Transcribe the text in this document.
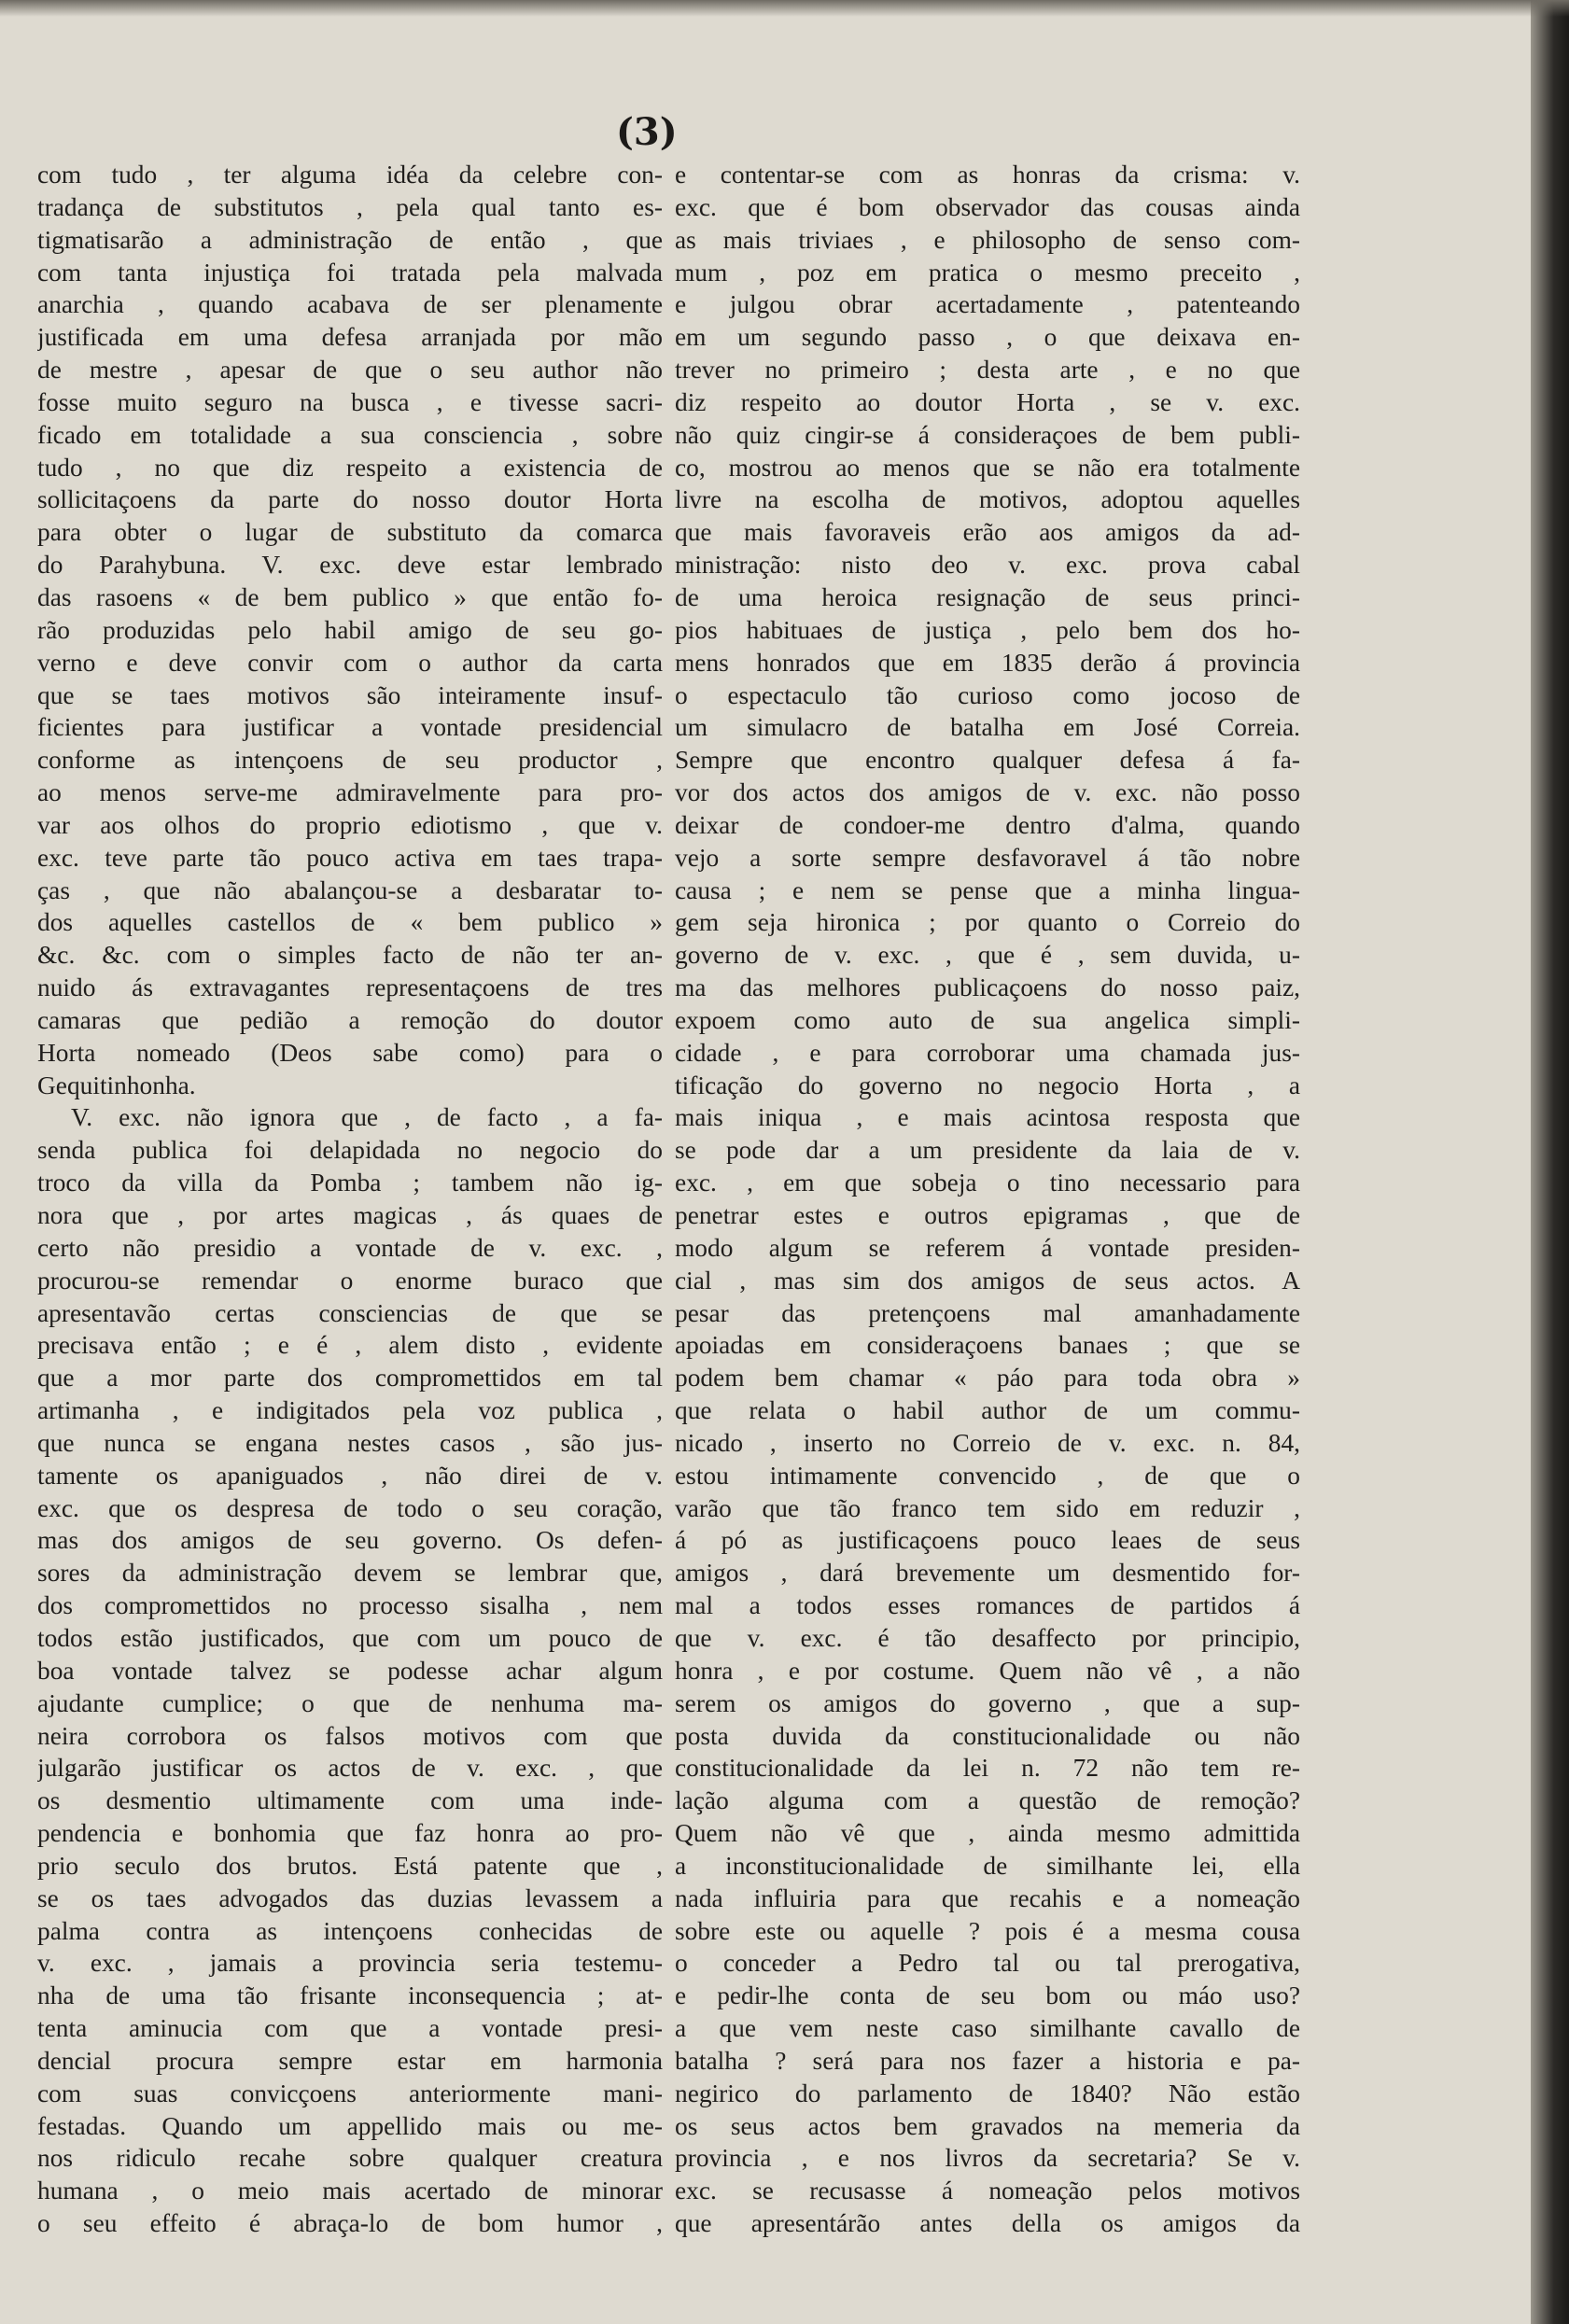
(3)
com tudo , ter alguma idéa da celebre con-
tradança de substitutos , pela qual tanto es-
tigmatisarão a administração de então , que
com tanta injustiça foi tratada pela malvada
anarchia , quando acabava de ser plenamente
justificada em uma defesa arranjada por mão
de mestre , apesar de que o seu author não
fosse muito seguro na busca , e tivesse sacri-
ficado em totalidade a sua consciencia , sobre
tudo , no que diz respeito a existencia de
sollicitaçoens da parte do nosso doutor Horta
para obter o lugar de substituto da comarca
do Parahybuna. V. exc. deve estar lembrado
das rasoens « de bem publico » que então fo-
rão produzidas pelo habil amigo de seu go-
verno e deve convir com o author da carta
que se taes motivos são inteiramente insuf-
ficientes para justificar a vontade presidencial
conforme as intençoens de seu productor ,
ao menos serve-me admiravelmente para pro-
var aos olhos do proprio ediotismo , que v.
exc. teve parte tão pouco activa em taes trapa-
ças , que não abalançou-se a desbaratar to-
dos aquelles castellos de « bem publico »
&c. &c. com o simples facto de não ter an-
nuido ás extravagantes representaçoens de tres
camaras que pedião a remoção do doutor
Horta nomeado (Deos sabe como) para o
Gequitinhonha.
V. exc. não ignora que , de facto , a fa-
senda publica foi delapidada no negocio do
troco da villa da Pomba ; tambem não ig-
nora que , por artes magicas , ás quaes de
certo não presidio a vontade de v. exc. ,
procurou-se remendar o enorme buraco que
apresentavão certas consciencias de que se
precisava então ; e é , alem disto , evidente
que a mor parte dos compromettidos em tal
artimanha , e indigitados pela voz publica ,
que nunca se engana nestes casos , são jus-
tamente os apaniguados , não direi de v.
exc. que os despresa de todo o seu coração,
mas dos amigos de seu governo. Os defen-
sores da administração devem se lembrar que,
dos compromettidos no processo sisalha , nem
todos estão justificados, que com um pouco de
boa vontade talvez se podesse achar algum
ajudante cumplice; o que de nenhuma ma-
neira corrobora os falsos motivos com que
julgarão justificar os actos de v. exc. , que
os desmentio ultimamente com uma inde-
pendencia e bonhomia que faz honra ao pro-
prio seculo dos brutos. Está patente que ,
se os taes advogados das duzias levassem a
palma contra as intençoens conhecidas de
v. exc. , jamais a provincia seria testemu-
nha de uma tão frisante inconsequencia ; at-
tenta aminucia com que a vontade presi-
dencial procura sempre estar em harmonia
com suas convicçoens anteriormente mani-
festadas. Quando um appellido mais ou me-
nos ridiculo recahe sobre qualquer creatura
humana , o meio mais acertado de minorar
o seu effeito é abraça-lo de bom humor ,
e contentar-se com as honras da crisma: v.
exc. que é bom observador das cousas ainda
as mais triviaes , e philosopho de senso com-
mum , poz em pratica o mesmo preceito ,
e julgou obrar acertadamente , patenteando
em um segundo passo , o que deixava en-
trever no primeiro ; desta arte , e no que
diz respeito ao doutor Horta , se v. exc.
não quiz cingir-se á consideraçoes de bem publi-
co, mostrou ao menos que se não era totalmente
livre na escolha de motivos, adoptou aquelles
que mais favoraveis erão aos amigos da ad-
ministração: nisto deo v. exc. prova cabal
de uma heroica resignação de seus princi-
pios habituaes de justiça , pelo bem dos ho-
mens honrados que em 1835 derão á provincia
o espectaculo tão curioso como jocoso de
um simulacro de batalha em José Correia.
Sempre que encontro qualquer defesa á fa-
vor dos actos dos amigos de v. exc. não posso
deixar de condoer-me dentro d'alma, quando
vejo a sorte sempre desfavoravel á tão nobre
causa ; e nem se pense que a minha lingua-
gem seja hironica ; por quanto o Correio do
governo de v. exc. , que é , sem duvida, u-
ma das melhores publicaçoens do nosso paiz,
expoem como auto de sua angelica simpli-
cidade , e para corroborar uma chamada jus-
tificação do governo no negocio Horta , a
mais iniqua , e mais acintosa resposta que
se pode dar a um presidente da laia de v.
exc. , em que sobeja o tino necessario para
penetrar estes e outros epigramas , que de
modo algum se referem á vontade presiden-
cial , mas sim dos amigos de seus actos. A
pesar das pretençoens mal amanhadamente
apoiadas em consideraçoens banaes ; que se
podem bem chamar « páo para toda obra »
que relata o habil author de um commu-
nicado , inserto no Correio de v. exc. n. 84,
estou intimamente convencido , de que o
varão que tão franco tem sido em reduzir ,
á pó as justificaçoens pouco leaes de seus
amigos , dará brevemente um desmentido for-
mal a todos esses romances de partidos á
que v. exc. é tão desaffecto por principio,
honra , e por costume. Quem não vê , a não
serem os amigos do governo , que a sup-
posta duvida da constitucionalidade ou não
constitucionalidade da lei n. 72 não tem re-
lação alguma com a questão de remoção?
Quem não vê que , ainda mesmo admittida
a inconstitucionalidade de similhante lei, ella
nada influiria para que recahis e a nomeação
sobre este ou aquelle ? pois é a mesma cousa
o conceder a Pedro tal ou tal prerogativa,
e pedir-lhe conta de seu bom ou máo uso?
a que vem neste caso similhante cavallo de
batalha ? será para nos fazer a historia e pa-
negirico do parlamento de 1840? Não estão
os seus actos bem gravados na memeria da
provincia , e nos livros da secretaria? Se v.
exc. se recusasse á nomeação pelos motivos
que apresentárão antes della os amigos da
